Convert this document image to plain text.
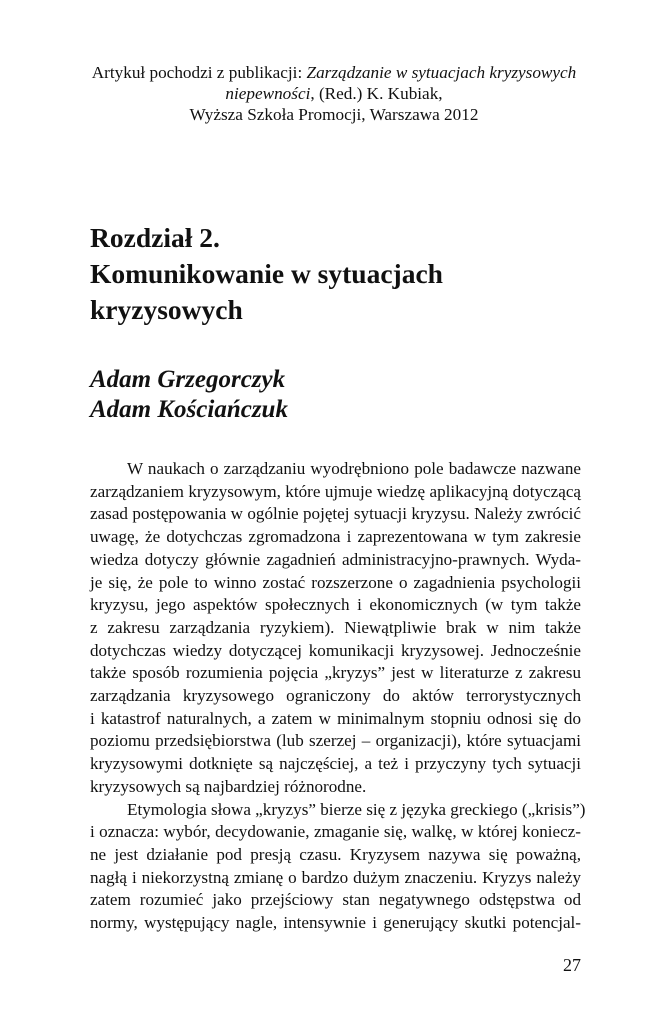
Artykuł pochodzi z publikacji: Zarządzanie w sytuacjach kryzysowych
niepewności, (Red.) K. Kubiak,
Wyższa Szkoła Promocji, Warszawa 2012
Rozdział 2.
Komunikowanie w sytuacjach
kryzysowych
Adam Grzegorczyk
Adam Kościańczuk
W naukach o zarządzaniu wyodrębniono pole badawcze nazwane
zarządzaniem kryzysowym, które ujmuje wiedzę aplikacyjną dotyczącą
zasad postępowania w ogólnie pojętej sytuacji kryzysu. Należy zwrócić
uwagę, że dotychczas zgromadzona i zaprezentowana w tym zakresie
wiedza dotyczy głównie zagadnień administracyjno-prawnych. Wyda-
je się, że pole to winno zostać rozszerzone o zagadnienia psychologii
kryzysu, jego aspektów społecznych i ekonomicznych (w tym także
z zakresu zarządzania ryzykiem). Niewątpliwie brak w nim także
dotychczas wiedzy dotyczącej komunikacji kryzysowej. Jednocześnie
także sposób rozumienia pojęcia „kryzys” jest w literaturze z zakresu
zarządzania kryzysowego ograniczony do aktów terrorystycznych
i katastrof naturalnych, a zatem w minimalnym stopniu odnosi się do
poziomu przedsiębiorstwa (lub szerzej – organizacji), które sytuacjami
kryzysowymi dotknięte są najczęściej, a też i przyczyny tych sytuacji
kryzysowych są najbardziej różnorodne.
Etymologia słowa „kryzys” bierze się z języka greckiego („krisis”)
i oznacza: wybór, decydowanie, zmaganie się, walkę, w której koniecz-
ne jest działanie pod presją czasu. Kryzysem nazywa się poważną,
nagłą i niekorzystną zmianę o bardzo dużym znaczeniu. Kryzys należy
zatem rozumieć jako przejściowy stan negatywnego odstępstwa od
normy, występujący nagle, intensywnie i generujący skutki potencjal-
27
